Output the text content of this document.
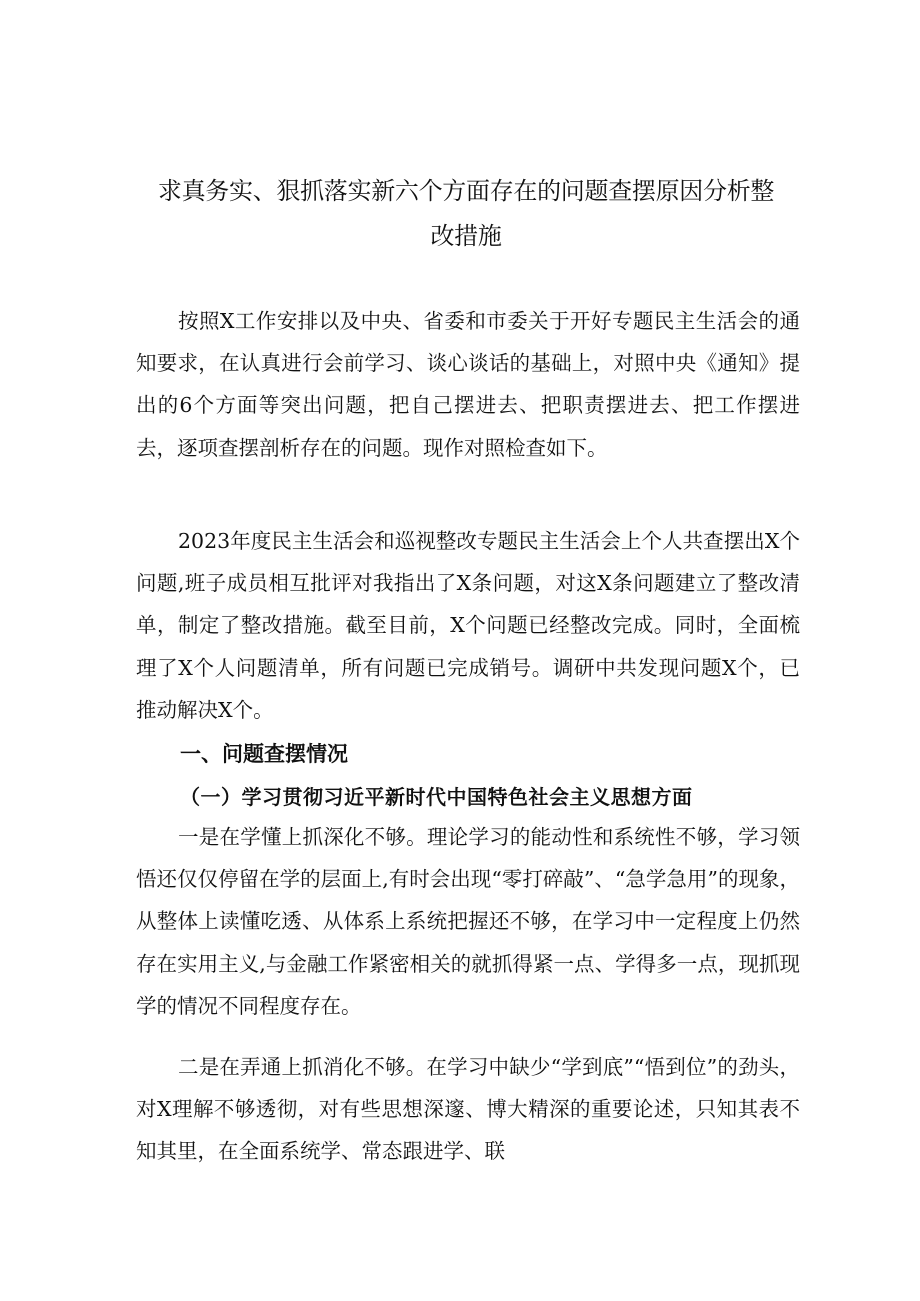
求真务实、狠抓落实新六个方面存在的问题查摆原因分析整
改措施

按照X工作安排以及中央、省委和市委关于开好专题民主生活会的通知要求，在认真进行会前学习、谈心谈话的基础上，对照中央《通知》提出的6个方面等突出问题，把自己摆进去、把职责摆进去、把工作摆进去，逐项查摆剖析存在的问题。现作对照检查如下。

2023年度民主生活会和巡视整改专题民主生活会上个人共查摆出X个问题,班子成员相互批评对我指出了X条问题，对这X条问题建立了整改清单，制定了整改措施。截至目前，X个问题已经整改完成。同时，全面梳理了X个人问题清单，所有问题已完成销号。调研中共发现问题X个，已推动解决X个。

一、问题查摆情况
（一）学习贯彻习近平新时代中国特色社会主义思想方面

一是在学懂上抓深化不够。理论学习的能动性和系统性不够，学习领悟还仅仅停留在学的层面上,有时会出现“零打碎敲”、“急学急用”的现象，从整体上读懂吃透、从体系上系统把握还不够，在学习中一定程度上仍然存在实用主义,与金融工作紧密相关的就抓得紧一点、学得多一点，现抓现学的情况不同程度存在。

二是在弄通上抓消化不够。在学习中缺少“学到底”“悟到位”的劲头，对X理解不够透彻，对有些思想深邃、博大精深的重要论述，只知其表不知其里，在全面系统学、常态跟进学、联
